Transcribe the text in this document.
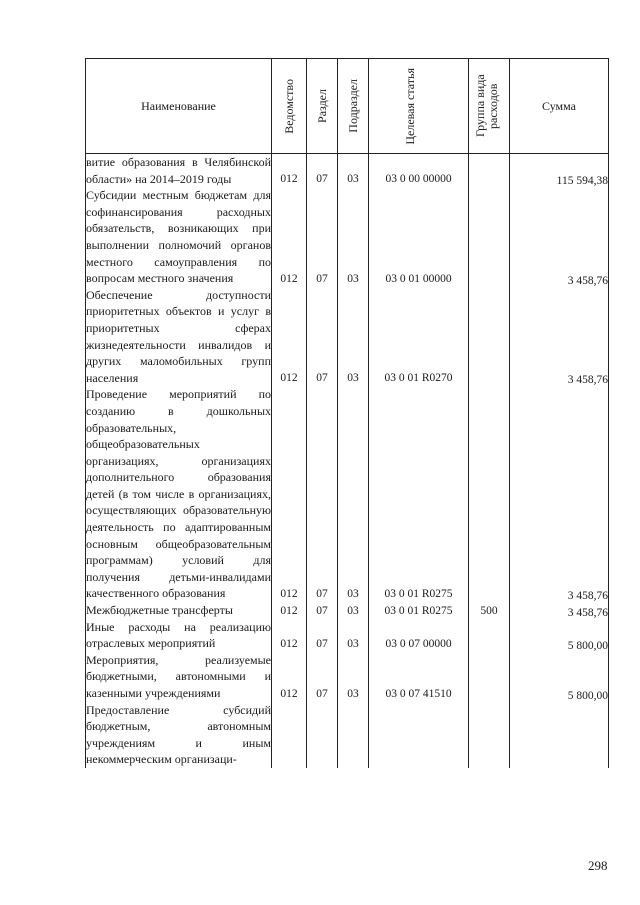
Наименование	Ведомство	Раздел	Подраздел	Целевая статья	Группа вида расходов	Сумма
витие образования в Челябинской области» на 2014–2019 годы	012	07	03	03 0 00 00000		115 594,38
Субсидии местным бюджетам для софинансирования расходных обязательств, возникающих при выполнении полномочий органов местного самоуправления по вопросам местного значения	012	07	03	03 0 01 00000		3 458,76
Обеспечение доступности приоритетных объектов и услуг в приоритетных сферах жизнедеятельности инвалидов и других маломобильных групп населения	012	07	03	03 0 01 R0270		3 458,76
Проведение мероприятий по созданию в дошкольных образовательных, общеобразовательных организациях, организациях дополнительного образования детей (в том числе в организациях, осуществляющих образовательную деятельность по адаптированным основным общеобразовательным программам) условий для получения детьми-инвалидами качественного образования	012	07	03	03 0 01 R0275		3 458,76
Межбюджетные трансферты	012	07	03	03 0 01 R0275	500	3 458,76
Иные расходы на реализацию отраслевых мероприятий	012	07	03	03 0 07 00000		5 800,00
Мероприятия, реализуемые бюджетными, автономными и казенными учреждениями	012	07	03	03 0 07 41510		5 800,00
Предоставление субсидий бюджетным, автономным учреждениям и иным некоммерческим организаци-						
298
